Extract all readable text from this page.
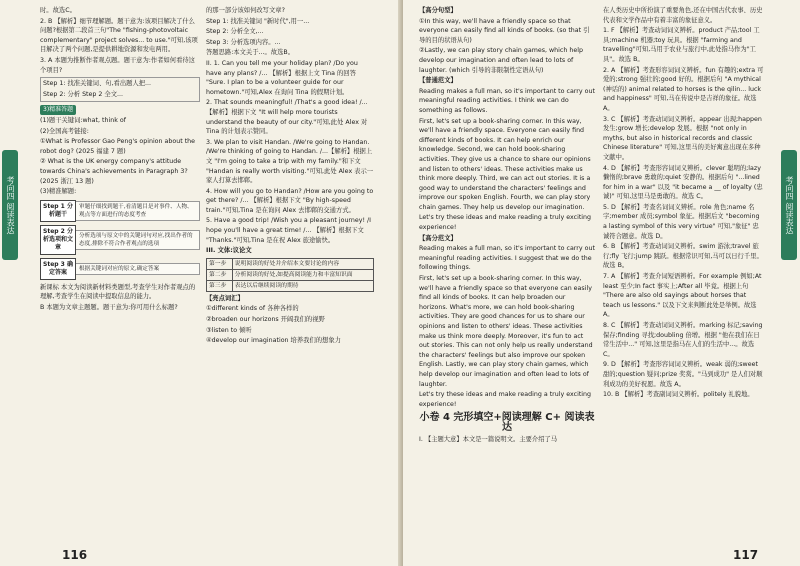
时。故选C。

2. B 【解析】细节理解题。题干意为:该项目解决了什么问题?根据第二段首三句"The "fishing-photovoltaic complementary" project solves... to use."可知,该项目解决了两个问题,是提供耕地资源和发电两用。

3. A 本题为推断作者观点题。题干意为:作者如何看待这个项目?

Step 1: 找准关键词、句,看出题人把...

Step 2: 分析 Step 2 全文...

3)精准答题

(1)题干关键词:what, think of

(2)全国高考链接:

①What is Professor Gao Peng's opinion about the robot dog? (2025 福建 7 题)

② What is the UK energy company's attitude towards China's achievements in Paragraph 3? (2025 浙江 13 题)

(3)精准解题:

Step 1 分析题干
审题仔细找到题干,看清题目是对事件、人物、观点等方面进行的态度考查
Step 2 分析选项和文章
分析选项与原文中的关键词句对应,找出作者的态度,排除不符合作者观点的选项
Step 3 确定答案	根据关键词对应的原文,确定答案

新课标 本文为阅读新材料类题型,考查学生对作者观点的理解,考查学生在阅读中提取信息的能力。

B 本题为文章主题题。题干意为:你可用什么标题?

的那一部分该如何改写文章?

Step 1: 找准关键词 "新时代",用一...

Step 2: 分析全文,...

Step 3: 分析选项内容。...

答题思路:本文关于...。故选B。

II. 1. Can you tell me your holiday plan? /Do you have any plans? /... 【解析】根据上文 Tina 的回答 "Sure. I plan to be a volunteer guide for our hometown."可知,Alex 在询问 Tina 的假期计划。

2. That sounds meaningful! /That's a good idea! /... 【解析】根据下文 "It will help more tourists understand the beauty of our city."可知,此处 Alex 对 Tina 的计划表示赞同。

3. We plan to visit Handan. /We're going to Handan. /We're thinking of going to Handan. /...【解析】根据上文 "I'm going to take a trip with my family."和下文 "Handan is really worth visiting."可知,此处 Alex 表示一家人打算去邯郸。

4. How will you go to Handan? /How are you going to get there? /... 【解析】根据下文 "By high-speed train."可知,Tina 是在询问 Alex 去邯郸的交通方式。

5. Have a good trip! /Wish you a pleasant journey! /I hope you'll have a great time! /... 【解析】根据下文 "Thanks."可知,Tina 是在祝 Alex 旅途愉快。

III. 文体:议论文

第一步	说明阅读的好处并介绍本文要讨论的内容
第二步	分析阅读的好处,如提高阅读能力和丰富知识面
第三步	表达以后继续阅读的期待

【亮点词汇】

①different kinds of 各种各样的

②broaden our horizons 开阔我们的视野

③listen to 倾听

④develop our imagination 培养我们的想象力

考向四 阅读表达
116

【高分句型】

①In this way, we'll have a friendly space so that everyone can easily find all kinds of books. (so that 引导的目的状语从句)

②Lastly, we can play story chain games, which help develop our imagination and often lead to lots of laughter. (which 引导的非限制性定语从句)

【普通范文】

Reading makes a full man, so it's important to carry out meaningful reading activities. I think we can do something as follows.

First, let's set up a book-sharing corner. In this way, we'll have a friendly space. Everyone can easily find different kinds of books. It can help enrich our knowledge. Second, we can hold book-sharing activities. They give us a chance to share our opinions and listen to others' ideas. These activities make us think more deeply. Third, we can act out stories. It is a good way to understand the characters' feelings and improve our spoken English. Fourth, we can play story chain games. They help us develop our imagination.

Let's try these ideas and make reading a truly exciting experience!

【高分范文】

Reading makes a full man, so it's important to carry out meaningful reading activities. I suggest that we do the following things.

First, let's set up a book-sharing corner. In this way, we'll have a friendly space so that everyone can easily find all kinds of books. It can help broaden our horizons. What's more, we can hold book-sharing activities. They are good chances for us to share our opinions and listen to others' ideas. These activities make us think more deeply. Moreover, it's fun to act out stories. This can not only help us really understand the characters' feelings but also improve our spoken English. Lastly, we can play story chain games, which help develop our imagination and often lead to lots of laughter.

Let's try these ideas and make reading a truly exciting experience!

小卷 4 完形填空+阅读理解 C+ 阅读表达

I. 【主题大意】本文是一篇说明文。主要介绍了马

在人类历史中所扮演了重要角色,还在中国古代农事、历史代表和文学作品中有着丰富的象征意义。

1. F 【解析】考查动词词义辨析。product 产品;tool 工具;machine 机器;toy 玩具。根据 "farming and travelling"可知,马用于农业与旅行中,此处指马作为"工具"。故选 B。

2. A 【解析】考查形容词词义辨析。fun 有趣的;extra 可爱的;strong 强壮的;good 好的。根据后句 "A mythical (神话的) animal related to horses is the qilin... luck and happiness" 可知,马在传说中是吉祥的象征。故选 A。

3. C 【解析】考查动词词义辨析。appear 出现;happen 发生;grow 增长;develop 发展。根据 "not only in myths, but also in historical records and classic Chinese literature" 可知,这里马的美好寓意出现在多种文献中。

4. D 【解析】考查形容词词义辨析。clever 聪明的;lazy 懒惰的;brave 勇敢的;quiet 安静的。根据后句 "...lined for him in a war" 以及 "it became a __ of loyalty (忠诚)" 可知,这里马是勇敢的。故选 C。

5. D 【解析】考查名词词义辨析。role 角色;name 名字;member 成员;symbol 象征。根据后文 "becoming a lasting symbol of this very virtue" 可知,"象征" 忠诚符合题意。故选 D。

6. B 【解析】考查动词词义辨析。swim 游泳;travel 旅行;fly 飞行;jump 跳跃。根据常识可知,马可以日行千里。故选 B。

7. A 【解析】考查介词短语辨析。For example 例如;At least 至少;In fact 事实上;After all 毕竟。根据上句 "There are also old sayings about horses that teach us lessons." 以及下文来判断此处是举例。故选 A。

8. C 【解析】考查动词词义辨析。marking 标记;saving 保存;finding 寻找;doubling 倍增。根据 "他在我们在日常生活中..." 可知,这里是指马在人们的生活中...。故选 C。

9. D 【解析】考查形容词词义辨析。weak 弱的;sweet 甜的;question 疑问;prize 奖赏。"马到成功" 是人们对顺利成功的美好祝愿。故选 A。

10. B 【解析】考查副词词义辨析。politely 礼貌地。

考向四 阅读表达
117
